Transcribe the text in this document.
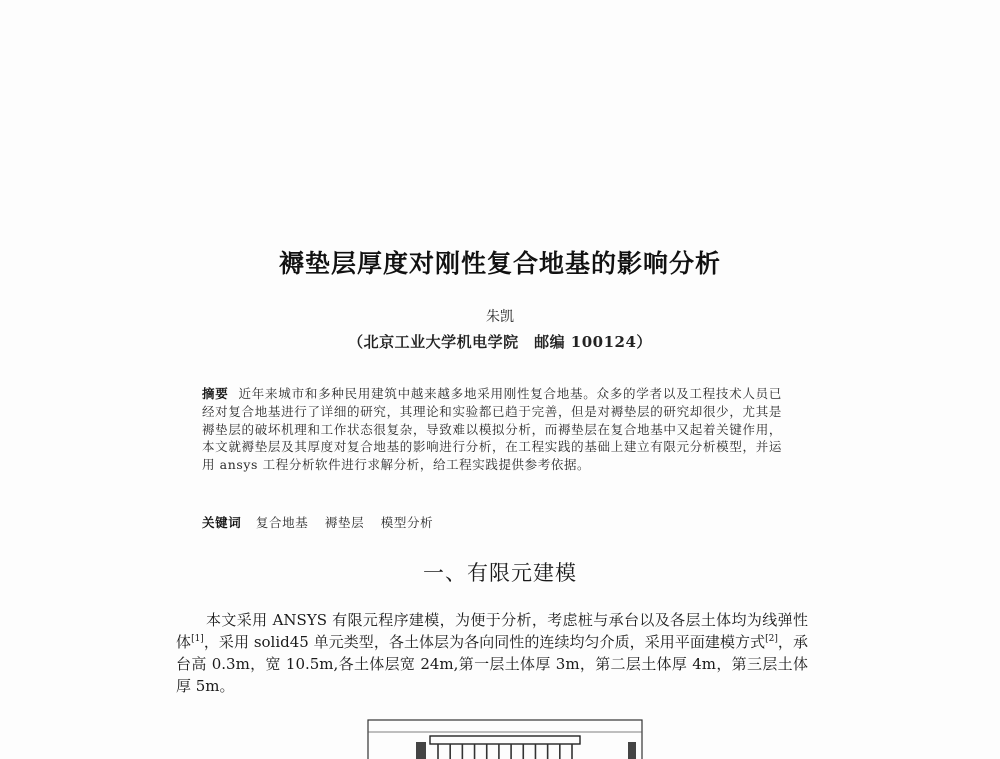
褥垫层厚度对刚性复合地基的影响分析
朱凯
（北京工业大学机电学院　邮编 100124）
摘要 近年来城市和多种民用建筑中越来越多地采用刚性复合地基。众多的学者以及工程技术人员已经对复合地基进行了详细的研究，其理论和实验都已趋于完善，但是对褥垫层的研究却很少，尤其是褥垫层的破坏机理和工作状态很复杂，导致难以模拟分析，而褥垫层在复合地基中又起着关键作用，本文就褥垫层及其厚度对复合地基的影响进行分析，在工程实践的基础上建立有限元分析模型，并运用 ansys 工程分析软件进行求解分析，给工程实践提供参考依据。
关键词 复合地基 褥垫层 模型分析
一、有限元建模
本文采用 ANSYS 有限元程序建模，为便于分析，考虑桩与承台以及各层土体均为线弹性体[1]，采用 solid45 单元类型，各土体层为各向同性的连续均匀介质，采用平面建模方式[2]，承台高 0.3m，宽 10.5m,各土体层宽 24m,第一层土体厚 3m，第二层土体厚 4m，第三层土体厚 5m。
